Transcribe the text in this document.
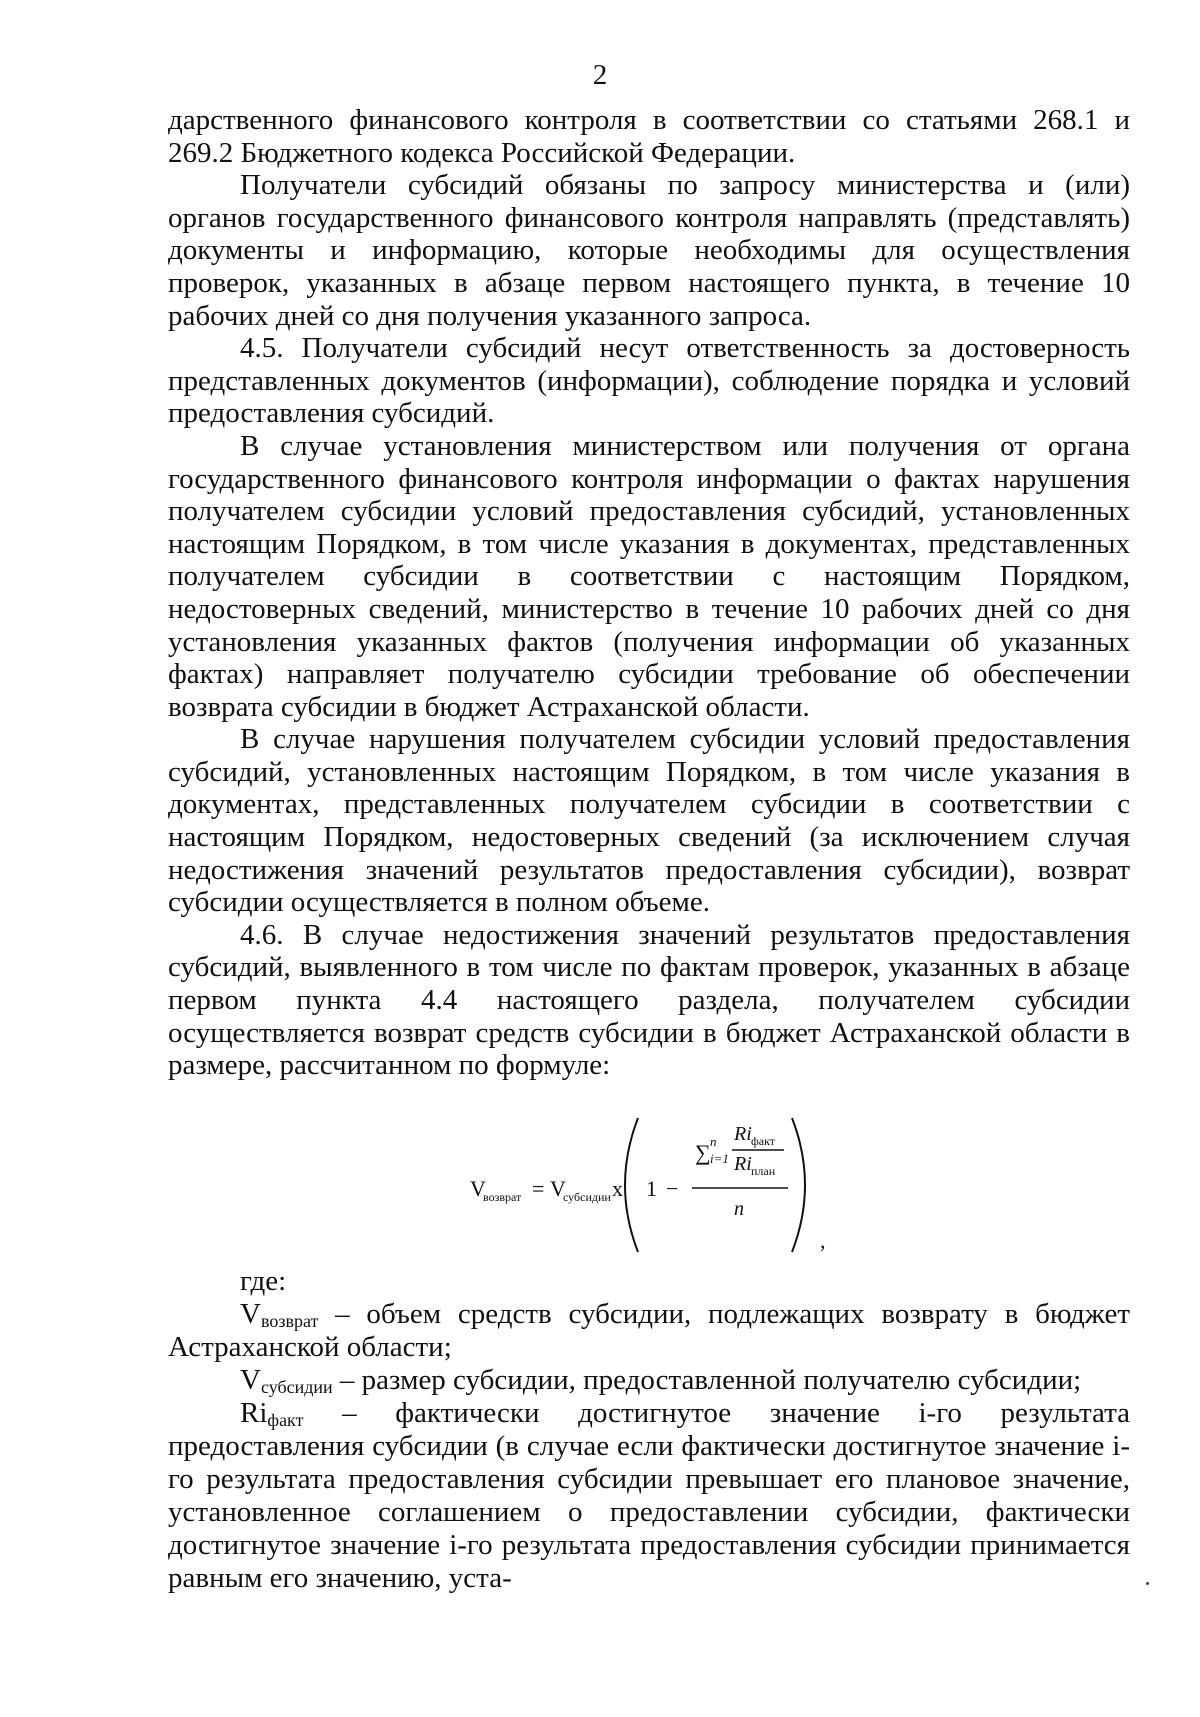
2

дарственного финансового контроля в соответствии со статьями 268.1 и 269.2 Бюджетного кодекса Российской Федерации.

Получатели субсидий обязаны по запросу министерства и (или) органов государственного финансового контроля направлять (представлять) документы и информацию, которые необходимы для осуществления проверок, указанных в абзаце первом настоящего пункта, в течение 10 рабочих дней со дня получения указанного запроса.

4.5. Получатели субсидий несут ответственность за достоверность представленных документов (информации), соблюдение порядка и условий предоставления субсидий.

В случае установления министерством или получения от органа государственного финансового контроля информации о фактах нарушения получателем субсидии условий предоставления субсидий, установленных настоящим Порядком, в том числе указания в документах, представленных получателем субсидии в соответствии с настоящим Порядком, недостоверных сведений, министерство в течение 10 рабочих дней со дня установления указанных фактов (получения информации об указанных фактах) направляет получателю субсидии требование об обеспечении возврата субсидии в бюджет Астраханской области.

В случае нарушения получателем субсидии условий предоставления субсидий, установленных настоящим Порядком, в том числе указания в документах, представленных получателем субсидии в соответствии с настоящим Порядком, недостоверных сведений (за исключением случая недостижения значений результатов предоставления субсидии), возврат субсидии осуществляется в полном объеме.

4.6. В случае недостижения значений результатов предоставления субсидий, выявленного в том числе по фактам проверок, указанных в абзаце первом пункта 4.4 настоящего раздела, получателем субсидии осуществляется возврат средств субсидии в бюджет Астраханской области в размере, рассчитанном по формуле:

V
возврат = V
субсидии x 1 −
∑ n
i=1
Ri факт
Ri план
n
,

где:

$V_{возврат}$ – объем средств субсидии, подлежащих возврату в бюджет Астраханской области;

$V_{субсидии}$ – размер субсидии, предоставленной получателю субсидии;

$Ri_{факт}$ – фактически достигнутое значение i-го результата предоставления субсидии (в случае если фактически достигнутое значение i-го результата предоставления субсидии превышает его плановое значение, установленное соглашением о предоставлении субсидии, фактически достигнутое значение i-го результата предоставления субсидии принимается равным его значению, уста-
